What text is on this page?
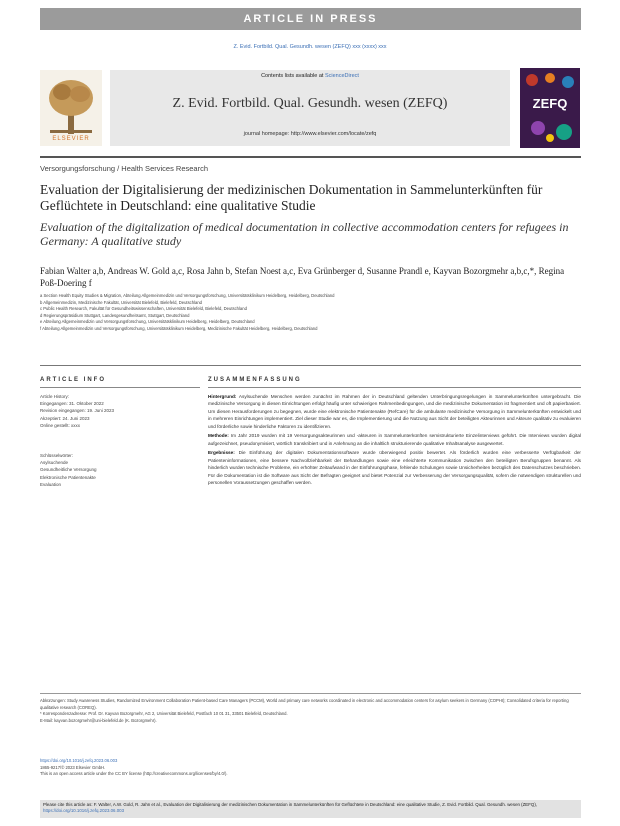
ARTICLE IN PRESS
Z. Evid. Fortbild. Qual. Gesundh. wesen (ZEFQ) xxx (xxxx) xxx
ELSEVIER
Contents lists available at ScienceDirect
Z. Evid. Fortbild. Qual. Gesundh. wesen (ZEFQ)
journal homepage: http://www.elsevier.com/locate/zefq
ZEFQ
Versorgungsforschung / Health Services Research
Evaluation der Digitalisierung der medizinischen Dokumentation in Sammelunterkünften für Geflüchtete in Deutschland: eine qualitative Studie
Evaluation of the digitalization of medical documentation in collective accommodation centers for refugees in Germany: A qualitative study
Fabian Walter a,b, Andreas W. Gold a,c, Rosa Jahn b, Stefan Noest a,c, Eva Grünberger d, Susanne Prandl e, Kayvan Bozorgmehr a,b,c,*, Regina Poß-Doering f
a Section Health Equity Studies & Migration, Abteilung Allgemeinmedizin und Versorgungsforschung, Universitätsklinikum Heidelberg, Heidelberg, Deutschland
b Allgemeinmedizin, Medizinische Fakultät, Universität Bielefeld, Bielefeld, Deutschland
c Public Health Research, Fakultät für Gesundheitswissenschaften, Universität Bielefeld, Bielefeld, Deutschland
d Regierungspräsidium Stuttgart, Landesgesundheitsamt, Stuttgart, Deutschland
e Abteilung Allgemeinmedizin und Versorgungsforschung, Universitätsklinikum Heidelberg, Heidelberg, Deutschland
f Abteilung Allgemeinmedizin und Versorgungsforschung, Universitätsklinikum Heidelberg, Medizinische Fakultät Heidelberg, Heidelberg, Deutschland
ARTICLE INFO	ZUSAMMENFASSUNG
Article History:
Eingegangen: 31. Oktober 2022
Revision eingegangen: 19. Juni 2023
Akzeptiert: 24. Juni 2023
Online gestellt: xxxx
Schlüsselwörter:
Asylsuchende
Gesundheitliche Versorgung
Elektronische Patientenakte
Evaluation

Hintergrund: Asylsuchende Menschen werden zunächst im Rahmen der in Deutschland geltenden Unterbringungsregelungen in Sammelunterkünften untergebracht. Die medizinische Versorgung in diesen Einrichtungen erfolgt häufig unter schwierigen Rahmenbedingungen, und die medizinische Dokumentation ist fragmentiert und oft papierbasiert. Um diesen Herausforderungen zu begegnen, wurde eine elektronische Patientenakte (RefCare) für die ambulante medizinische Versorgung in Sammelunterkünften entwickelt und in mehreren Einrichtungen implementiert. Ziel dieser Studie war es, die Implementierung und die Nutzung aus Sicht der beteiligten Akteurinnen und Akteure qualitativ zu evaluieren und förderliche sowie hinderliche Faktoren zu identifizieren.

Methode: Im Jahr 2019 wurden mit 19 Versorgungsakteurinnen und -akteuren in Sammelunterkünften semistrukturierte Einzelinterviews geführt. Die Interviews wurden digital aufgezeichnet, pseudonymisiert, wörtlich transkribiert und in Anlehnung an die inhaltlich strukturierende qualitative Inhaltsanalyse ausgewertet.

Ergebnisse: Die Einführung der digitalen Dokumentationssoftware wurde überwiegend positiv bewertet. Als förderlich wurden eine verbesserte Verfügbarkeit der Patienteninformationen, eine bessere Nachvollziehbarkeit der Behandlungen sowie eine erleichterte Kommunikation zwischen den beteiligten Berufsgruppen benannt. Als hinderlich wurden technische Probleme, ein erhöhter Zeitaufwand in der Einführungsphase, fehlende Schulungen sowie Unsicherheiten bezüglich des Datenschutzes beschrieben. Für die Dokumentation ist die Software aus Sicht der Befragten geeignet und bietet Potenzial zur Verbesserung der Versorgungsqualität, sofern die notwendigen strukturellen und personellen Voraussetzungen geschaffen werden.

Abkürzungen: Study Awareness Studies, Randomized Environment Collaboration Patient-based Care Managers (PCCM), World and primary care networks coordinated in electronic and accommodation centers for asylum seekers in Germany (COPHI); Consolidated criteria for reporting qualitative research (COREQ).
* Korrespondenzadresse: Prof. Dr. Kayvan Bozorgmehr, AG 2, Universität Bielefeld, Postfach 10 01 31, 33501 Bielefeld, Deutschland.
E-Mail: kayvan.bozorgmehr@uni-bielefeld.de (K. Bozorgmehr).
https://doi.org/10.1016/j.zefq.2023.06.003
1865-9217/© 2023 Elsevier GmbH.
This is an open access article under the CC BY license (http://creativecommons.org/licenses/by/4.0/).
Please cite this article as: F. Walter, A.W. Gold, R. Jahn et al., Evaluation der Digitalisierung der medizinischen Dokumentation in Sammelunterkünften für Geflüchtete in Deutschland: eine qualitative Studie, Z. Evid. Fortbild. Qual. Gesundh. wesen (ZEFQ), https://doi.org/10.1016/j.zefq.2023.06.003
